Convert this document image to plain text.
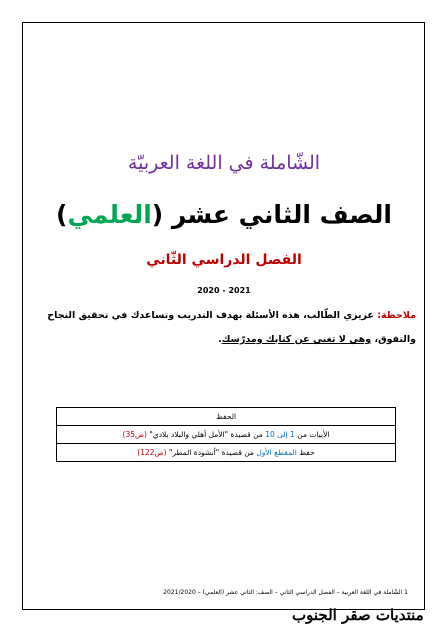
الشّاملة في اللغة العربيّة
الصف الثاني عشر (العلمي)
الفصل الدراسي الثّاني
2020 - 2021
ملاحظة: عزيزي الطّالب، هذه الأسئلة بهدف التدريب وتساعدك في تحقيق النجاح والتفوق، وهي لا تغني عن كتابك ومدرّسك.
الحفظ
الأبيات من 1 إلى 10 من قصيدة "الأمل أهلي والبلاد بلادي" (ص35)
حفظ المقطع الأول من قصيدة "أنشودة المطر" (ص122)
1 الشّاملة في اللغة العربية – الفصل الدراسي الثاني – الصف: الثاني عشر (العلمي) – 2021/2020
منتديات صقر الجنوب
